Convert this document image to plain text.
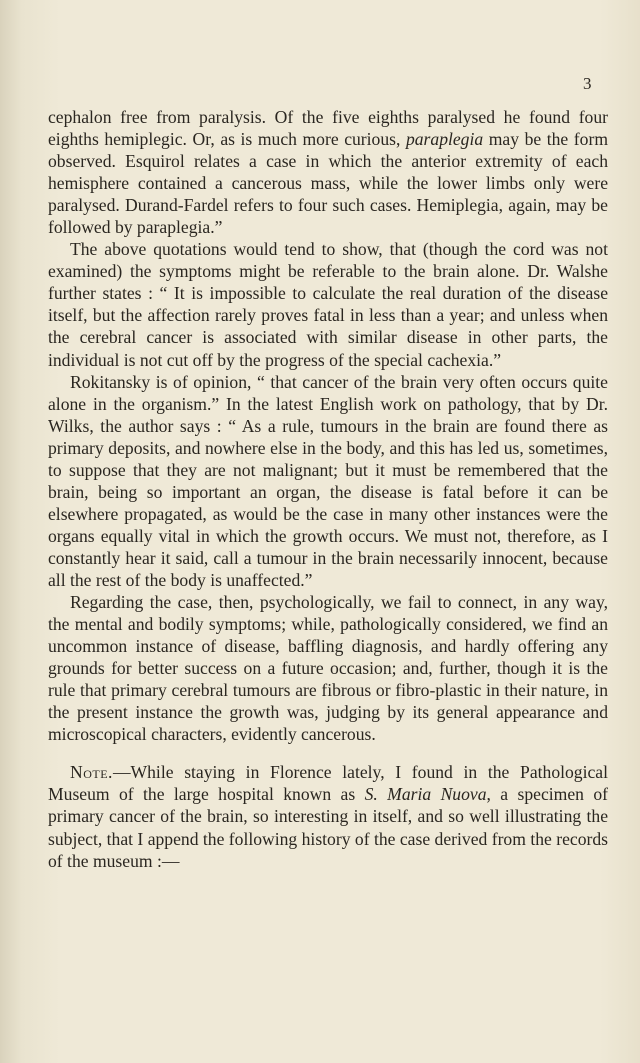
3

cephalon free from paralysis. Of the five eighths paralysed he found four eighths hemiplegic. Or, as is much more curious, paraplegia may be the form observed. Esquirol relates a case in which the anterior extremity of each hemisphere contained a cancerous mass, while the lower limbs only were paralysed. Durand-Fardel refers to four such cases. Hemiplegia, again, may be followed by paraplegia.”

The above quotations would tend to show, that (though the cord was not examined) the symptoms might be referable to the brain alone. Dr. Walshe further states : “ It is impossible to calculate the real duration of the disease itself, but the affection rarely proves fatal in less than a year; and unless when the cerebral cancer is associated with similar disease in other parts, the individual is not cut off by the progress of the special cachexia.”

Rokitansky is of opinion, “ that cancer of the brain very often occurs quite alone in the organism.” In the latest English work on pathology, that by Dr. Wilks, the author says : “ As a rule, tumours in the brain are found there as primary deposits, and nowhere else in the body, and this has led us, sometimes, to suppose that they are not malignant; but it must be remembered that the brain, being so important an organ, the disease is fatal before it can be elsewhere propagated, as would be the case in many other instances were the organs equally vital in which the growth occurs. We must not, therefore, as I constantly hear it said, call a tumour in the brain necessarily innocent, because all the rest of the body is unaffected.”

Regarding the case, then, psychologically, we fail to connect, in any way, the mental and bodily symptoms; while, pathologically considered, we find an uncommon instance of disease, baffling diagnosis, and hardly offering any grounds for better success on a future occasion; and, further, though it is the rule that primary cerebral tumours are fibrous or fibro-plastic in their nature, in the present instance the growth was, judging by its general appearance and microscopical characters, evidently cancerous.

Note.—While staying in Florence lately, I found in the Pathological Museum of the large hospital known as S. Maria Nuova, a specimen of primary cancer of the brain, so interesting in itself, and so well illustrating the subject, that I append the following history of the case derived from the records of the museum :—
